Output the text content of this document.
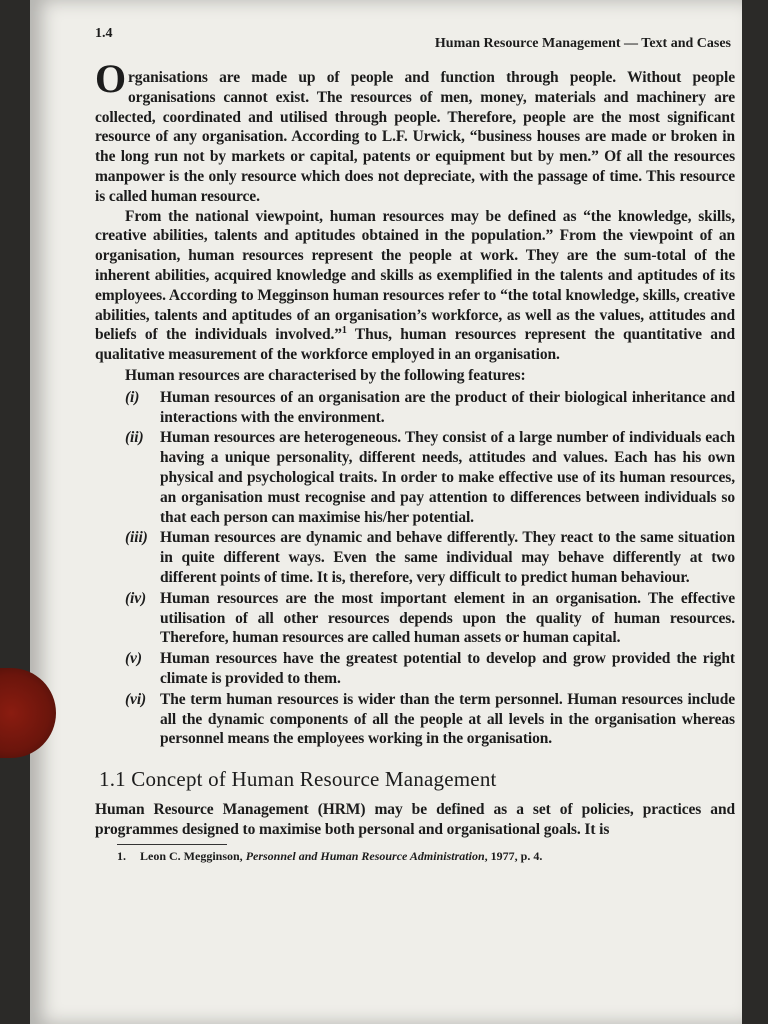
1.4
Human Resource Management — Text and Cases

Organisations are made up of people and function through people. Without people organisations cannot exist. The resources of men, money, materials and machinery are collected, coordinated and utilised through people. Therefore, people are the most significant resource of any organisation. According to L.F. Urwick, “business houses are made or broken in the long run not by markets or capital, patents or equipment but by men.” Of all the resources manpower is the only resource which does not depreciate, with the passage of time. This resource is called human resource.

From the national viewpoint, human resources may be defined as “the knowledge, skills, creative abilities, talents and aptitudes obtained in the population.” From the viewpoint of an organisation, human resources represent the people at work. They are the sum-total of the inherent abilities, acquired knowledge and skills as exemplified in the talents and aptitudes of its employees. According to Megginson human resources refer to “the total knowledge, skills, creative abilities, talents and aptitudes of an organisation’s workforce, as well as the values, attitudes and beliefs of the individuals involved.”$^1$ Thus, human resources represent the quantitative and qualitative measurement of the workforce employed in an organisation.

Human resources are characterised by the following features:

(i) Human resources of an organisation are the product of their biological inheritance and interactions with the environment.
(ii) Human resources are heterogeneous. They consist of a large number of individuals each having a unique personality, different needs, attitudes and values. Each has his own physical and psychological traits. In order to make effective use of its human resources, an organisation must recognise and pay attention to differences between individuals so that each person can maximise his/her potential.
(iii) Human resources are dynamic and behave differently. They react to the same situation in quite different ways. Even the same individual may behave differently at two different points of time. It is, therefore, very difficult to predict human behaviour.
(iv) Human resources are the most important element in an organisation. The effective utilisation of all other resources depends upon the quality of human resources. Therefore, human resources are called human assets or human capital.
(v) Human resources have the greatest potential to develop and grow provided the right climate is provided to them.
(vi) The term human resources is wider than the term personnel. Human resources include all the dynamic components of all the people at all levels in the organisation whereas personnel means the employees working in the organisation.
1.1 Concept of Human Resource Management

Human Resource Management (HRM) may be defined as a set of policies, practices and programmes designed to maximise both personal and organisational goals. It is

1. Leon C. Megginson, Personnel and Human Resource Administration, 1977, p. 4.
